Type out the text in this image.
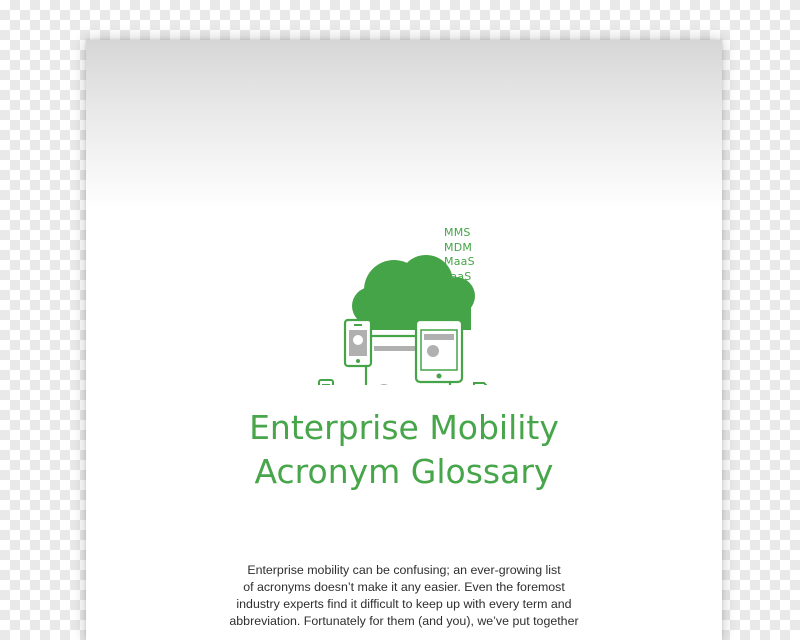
MMS
MDM
MaaS
PaaS
Enterprise Mobility
Acronym Glossary

Enterprise mobility can be confusing; an ever-growing list
of acronyms doesn’t make it any easier. Even the foremost
industry experts find it difficult to keep up with every term and
abbreviation. Fortunately for them (and you), we’ve put together
